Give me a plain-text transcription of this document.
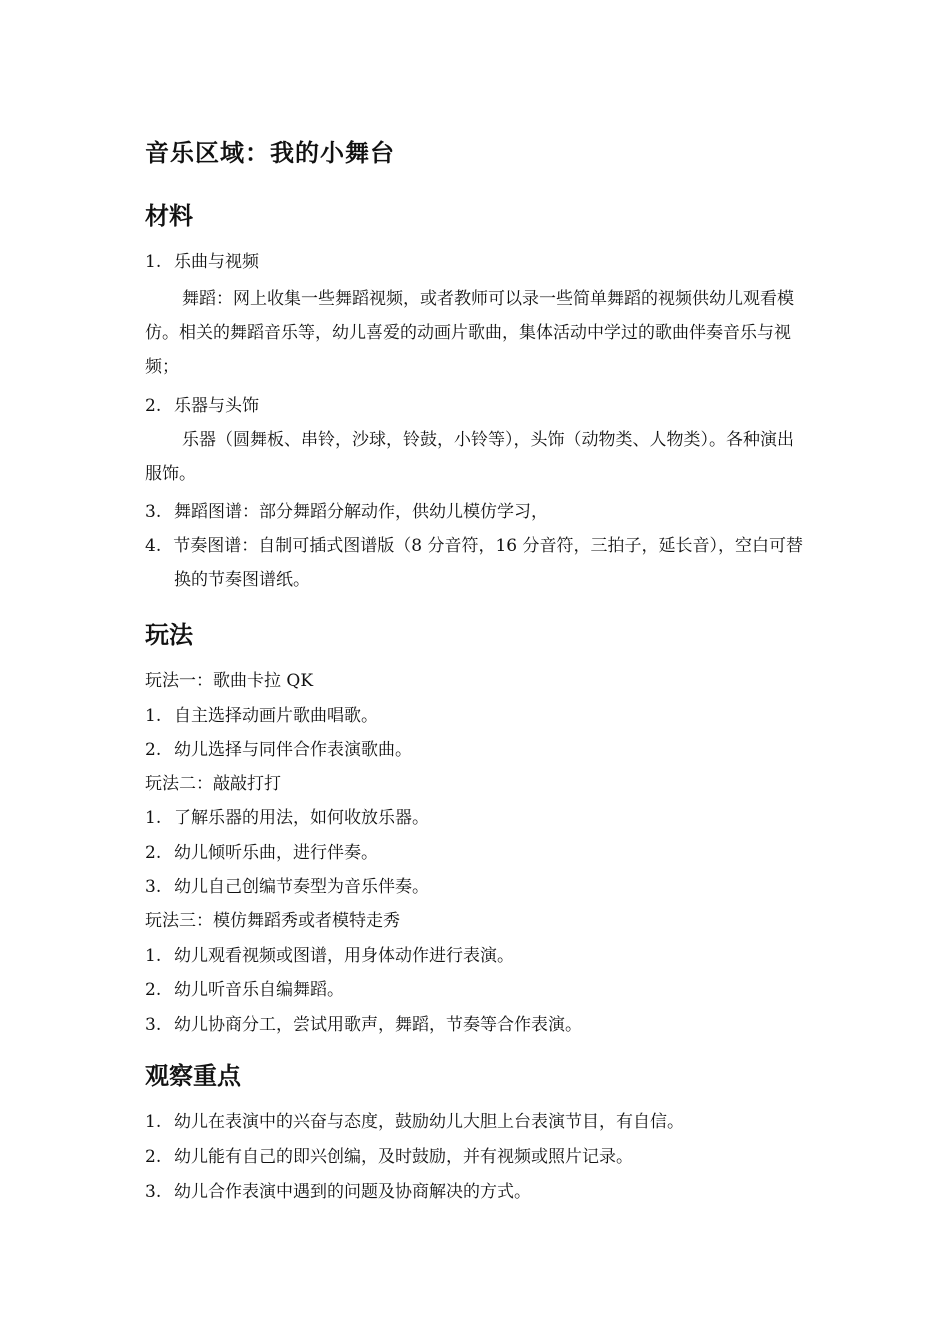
音乐区域：我的小舞台
材料
1. 乐曲与视频
舞蹈：网上收集一些舞蹈视频，或者教师可以录一些简单舞蹈的视频供幼儿观看模仿。相关的舞蹈音乐等，幼儿喜爱的动画片歌曲，集体活动中学过的歌曲伴奏音乐与视频；
2. 乐器与头饰
乐器（圆舞板、串铃，沙球，铃鼓，小铃等），头饰（动物类、人物类）。各种演出服饰。
3. 舞蹈图谱：部分舞蹈分解动作，供幼儿模仿学习，
4. 节奏图谱：自制可插式图谱版（8 分音符，16 分音符，三拍子，延长音），空白可替换的节奏图谱纸。
玩法
玩法一：歌曲卡拉 QK
1. 自主选择动画片歌曲唱歌。
2. 幼儿选择与同伴合作表演歌曲。
玩法二：敲敲打打
1. 了解乐器的用法，如何收放乐器。
2. 幼儿倾听乐曲，进行伴奏。
3. 幼儿自己创编节奏型为音乐伴奏。
玩法三：模仿舞蹈秀或者模特走秀
1. 幼儿观看视频或图谱，用身体动作进行表演。
2. 幼儿听音乐自编舞蹈。
3. 幼儿协商分工，尝试用歌声，舞蹈，节奏等合作表演。
观察重点
1. 幼儿在表演中的兴奋与态度，鼓励幼儿大胆上台表演节目，有自信。
2. 幼儿能有自己的即兴创编，及时鼓励，并有视频或照片记录。
3. 幼儿合作表演中遇到的问题及协商解决的方式。
